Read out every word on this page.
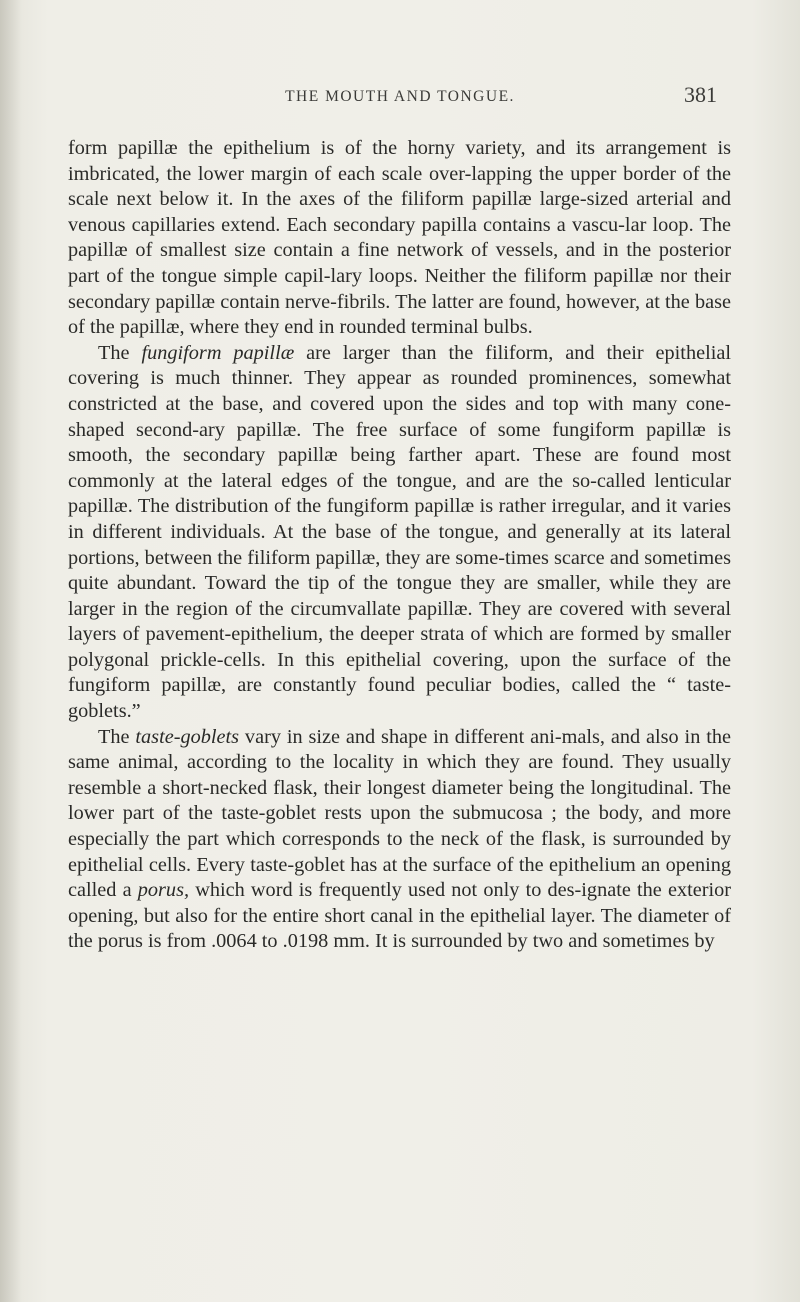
THE MOUTH AND TONGUE.	381

form papillæ the epithelium is of the horny variety, and its arrangement is imbricated, the lower margin of each scale over-lapping the upper border of the scale next below it. In the axes of the filiform papillæ large-sized arterial and venous capillaries extend. Each secondary papilla contains a vascu-lar loop. The papillæ of smallest size contain a fine network of vessels, and in the posterior part of the tongue simple capil-lary loops. Neither the filiform papillæ nor their secondary papillæ contain nerve-fibrils. The latter are found, however, at the base of the papillæ, where they end in rounded terminal bulbs.

The fungiform papillæ are larger than the filiform, and their epithelial covering is much thinner. They appear as rounded prominences, somewhat constricted at the base, and covered upon the sides and top with many cone-shaped second-ary papillæ. The free surface of some fungiform papillæ is smooth, the secondary papillæ being farther apart. These are found most commonly at the lateral edges of the tongue, and are the so-called lenticular papillæ. The distribution of the fungiform papillæ is rather irregular, and it varies in different individuals. At the base of the tongue, and generally at its lateral portions, between the filiform papillæ, they are some-times scarce and sometimes quite abundant. Toward the tip of the tongue they are smaller, while they are larger in the region of the circumvallate papillæ. They are covered with several layers of pavement-epithelium, the deeper strata of which are formed by smaller polygonal prickle-cells. In this epithelial covering, upon the surface of the fungiform papillæ, are constantly found peculiar bodies, called the “ taste-goblets.”

The taste-goblets vary in size and shape in different ani-mals, and also in the same animal, according to the locality in which they are found. They usually resemble a short-necked flask, their longest diameter being the longitudinal. The lower part of the taste-goblet rests upon the submucosa ; the body, and more especially the part which corresponds to the neck of the flask, is surrounded by epithelial cells. Every taste-goblet has at the surface of the epithelium an opening called a porus, which word is frequently used not only to des-ignate the exterior opening, but also for the entire short canal in the epithelial layer. The diameter of the porus is from .0064 to .0198 mm. It is surrounded by two and sometimes by
